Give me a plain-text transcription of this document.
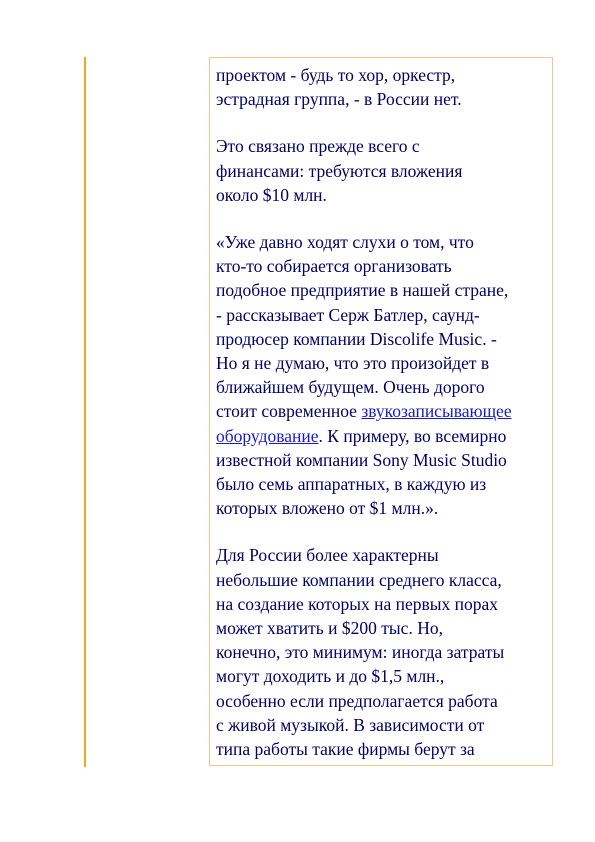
проектом - будь то хор, оркестр,

эстрадная группа, - в России нет.

Это связано прежде всего с

финансами: требуются вложения

около $10 млн.

«Уже давно ходят слухи о том, что

кто-то собирается организовать

подобное предприятие в нашей стране,

- рассказывает Серж Батлер, саунд-

продюсер компании Discolife Music. -

Но я не думаю, что это произойдет в

ближайшем будущем. Очень дорого

стоит современное звукозаписывающее

оборудование. К примеру, во всемирно

известной компании Sony Music Studio

было семь аппаратных, в каждую из

которых вложено от $1 млн.».

Для России более характерны

небольшие компании среднего класса,

на создание которых на первых порах

может хватить и $200 тыс. Но,

конечно, это минимум: иногда затраты

могут доходить и до $1,5 млн.,

особенно если предполагается работа

с живой музыкой. В зависимости от

типа работы такие фирмы берут за
